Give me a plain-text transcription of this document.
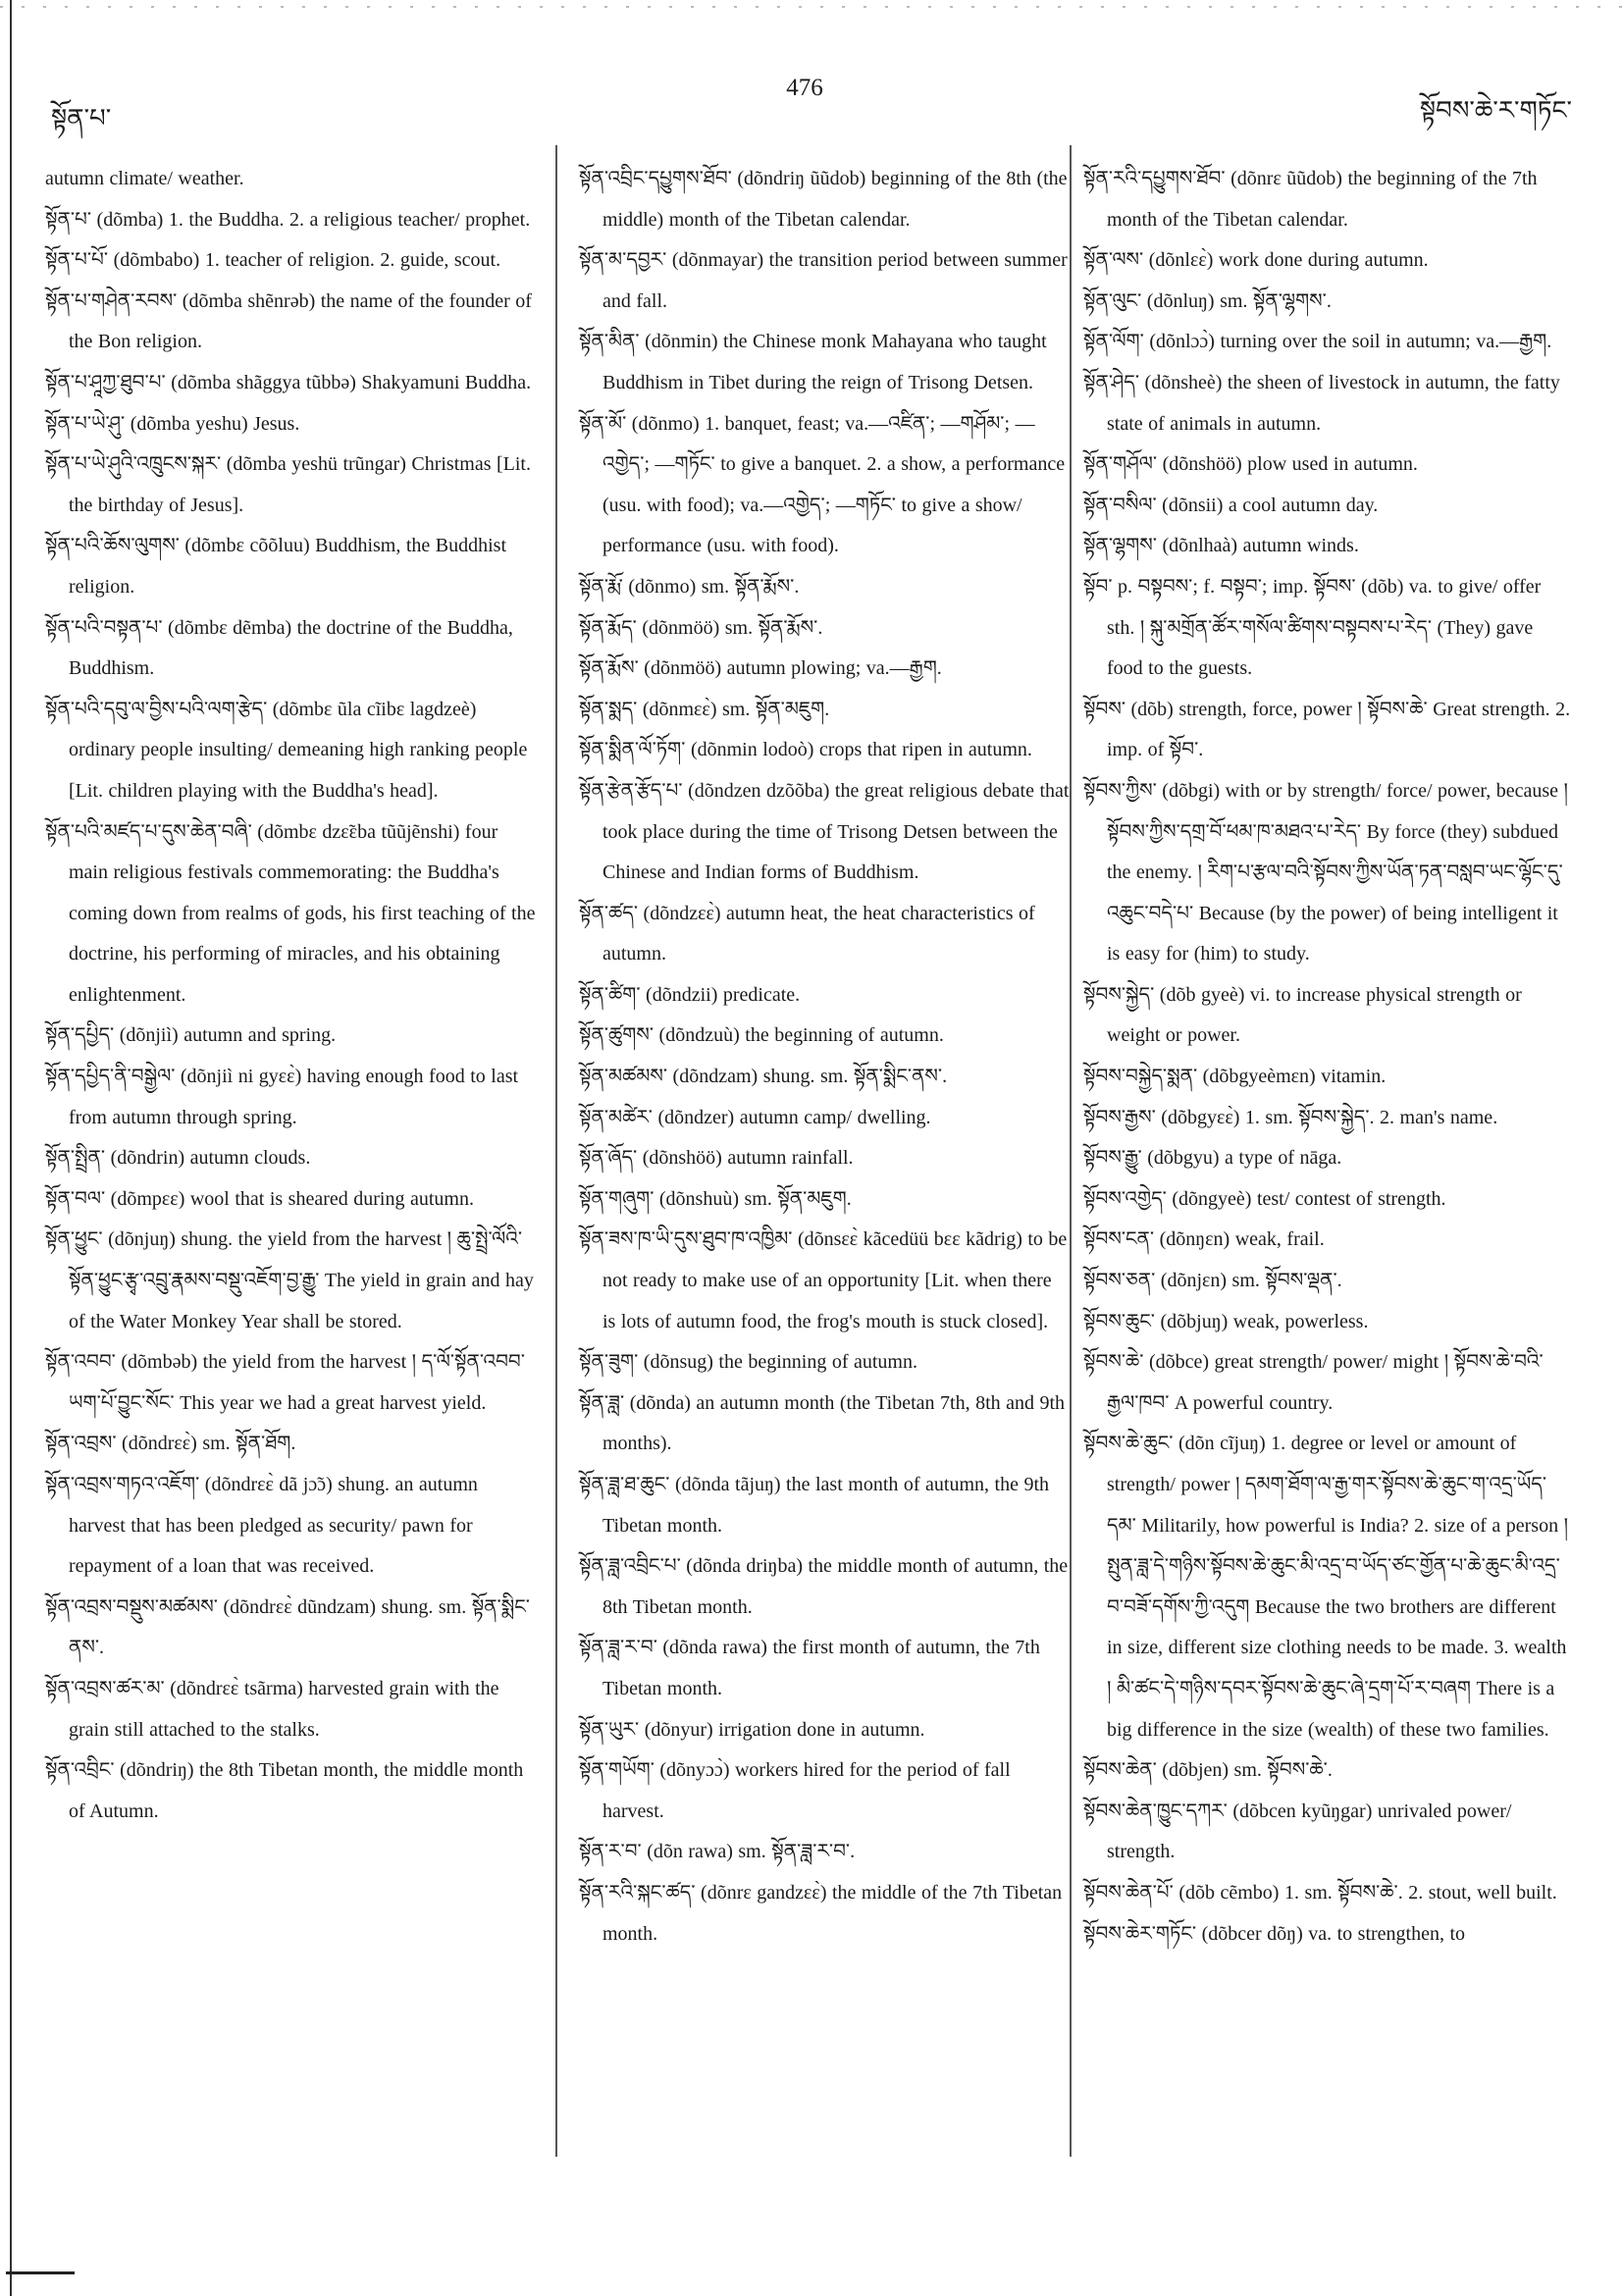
སྟོན་པ་
476
སྟོབས་ཆེ་ར་གཏོང་

autumn climate/ weather.

སྟོན་པ་ (dõmba) 1. the Buddha. 2. a religious teacher/ prophet.

སྟོན་པ་པོ་ (dõmbabo) 1. teacher of religion. 2. guide, scout.

སྟོན་པ་གཤེན་རབས་ (dõmba shẽnrəb) the name of the founder of the Bon religion.

སྟོན་པ་ཤཱཀྱ་ཐུབ་པ་ (dõmba shãggya tũbbə) Shakyamuni Buddha.

སྟོན་པ་ཡེ་ཤུ་ (dõmba yeshu) Jesus.

སྟོན་པ་ཡེ་ཤུའི་འཁྲུངས་སྐར་ (dõmba yeshü trũngar) Christmas [Lit. the birthday of Jesus].

སྟོན་པའི་ཆོས་ལུགས་ (dõmbɛ cõõluu) Buddhism, the Buddhist religion.

སྟོན་པའི་བསྟན་པ་ (dõmbɛ dẽmba) the doctrine of the Buddha, Buddhism.

སྟོན་པའི་དབུ་ལ་བྱིས་པའི་ལག་རྩེད་ (dõmbɛ ũla cĩibɛ lagdzeè) ordinary people insulting/ demeaning high ranking people [Lit. children playing with the Buddha's head].

སྟོན་པའི་མཛད་པ་དུས་ཆེན་བཞི་ (dõmbɛ dzɛ̃ɛba tũũjẽnshi) four main religious festivals commemorating: the Buddha's coming down from realms of gods, his first teaching of the doctrine, his performing of miracles, and his obtaining enlightenment.

སྟོན་དཔྱིད་ (dõnjiì) autumn and spring.

སྟོན་དཔྱིད་ནི་བསྒྱེལ་ (dõnjiì ni gyɛɛ̀) having enough food to last from autumn through spring.

སྟོན་སྤྲིན་ (dõndrin) autumn clouds.

སྟོན་བལ་ (dõmpɛɛ) wool that is sheared during autumn.

སྟོན་ཕྱུང་ (dõnjuŋ) shung. the yield from the harvest ། ཆུ་སྤྲེ་ལོའི་སྟོན་ཕྱུང་རྩྭ་འབྲུ་རྣམས་བསྡུ་འཇོག་བྱ་རྒྱུ་ The yield in grain and hay of the Water Monkey Year shall be stored.

སྟོན་འབབ་ (dõmbəb) the yield from the harvest ། ད་ལོ་སྟོན་འབབ་ཡག་པོ་བྱུང་སོང་ This year we had a great harvest yield.

སྟོན་འབྲས་ (dõndrɛɛ̀) sm. སྟོན་ཐོག.

སྟོན་འབྲས་གཏའ་འཇོག་ (dõndrɛɛ̀ dã jɔ̃ɔ) shung. an autumn harvest that has been pledged as security/ pawn for repayment of a loan that was received.

སྟོན་འབྲས་བསྡུས་མཚམས་ (dõndrɛɛ̀ dũndzam) shung. sm. སྟོན་སྨིང་ནས་.

སྟོན་འབྲས་ཚར་མ་ (dõndrɛɛ̀ tsãrma) harvested grain with the grain still attached to the stalks.

སྟོན་འབྲིང་ (dõndriŋ) the 8th Tibetan month, the middle month of Autumn.

སྟོན་འབྲིང་དཔྱུགས་ཐོབ་ (dõndriŋ ũũdob) beginning of the 8th (the middle) month of the Tibetan calendar.

སྟོན་མ་དབྱར་ (dõnmayar) the transition period between summer and fall.

སྟོན་མིན་ (dõnmin) the Chinese monk Mahayana who taught Buddhism in Tibet during the reign of Trisong Detsen.

སྟོན་མོ་ (dõnmo) 1. banquet, feast; va.—འཛིན་; —གཤོམ་; —འགྱེད་; —གཏོང་ to give a banquet. 2. a show, a performance (usu. with food); va.—འགྱེད་; —གཏོང་ to give a show/ performance (usu. with food).

སྟོན་རྨོ་ (dõnmo) sm. སྟོན་རྨོས་.

སྟོན་རྨོད་ (dõnmöö) sm. སྟོན་རྨོས་.

སྟོན་རྨོས་ (dõnmöö) autumn plowing; va.—རྒྱག.

སྟོན་སྨད་ (dõnmɛɛ̀) sm. སྟོན་མཇུག.

སྟོན་སྨིན་ལོ་ཏོག་ (dõnmin lodoò) crops that ripen in autumn.

སྟོན་རྩེན་རྩོད་པ་ (dõndzen dzõõba) the great religious debate that took place during the time of Trisong Detsen between the Chinese and Indian forms of Buddhism.

སྟོན་ཚད་ (dõndzɛɛ̀) autumn heat, the heat characteristics of autumn.

སྟོན་ཚིག་ (dõndzii) predicate.

སྟོན་ཚུགས་ (dõndzuù) the beginning of autumn.

སྟོན་མཚམས་ (dõndzam) shung. sm. སྟོན་སྨིང་ནས་.

སྟོན་མཚེར་ (dõndzer) autumn camp/ dwelling.

སྟོན་ཞོད་ (dõnshöö) autumn rainfall.

སྟོན་གཞུག་ (dõnshuù) sm. སྟོན་མཇུག.

སྟོན་ཟས་ཁ་ཡི་དུས་ཐུབ་ཁ་འཁྱིམ་ (dõnsɛɛ̀ kãcedüü bɛɛ kãdrig) to be not ready to make use of an opportunity [Lit. when there is lots of autumn food, the frog's mouth is stuck closed].

སྟོན་ཟུག་ (dõnsug) the beginning of autumn.

སྟོན་ཟླ་ (dõnda) an autumn month (the Tibetan 7th, 8th and 9th months).

སྟོན་ཟླ་ཐ་ཆུང་ (dõnda tãjuŋ) the last month of autumn, the 9th Tibetan month.

སྟོན་ཟླ་འབྲིང་པ་ (dõnda driŋba) the middle month of autumn, the 8th Tibetan month.

སྟོན་ཟླ་ར་བ་ (dõnda rawa) the first month of autumn, the 7th Tibetan month.

སྟོན་ཡུར་ (dõnyur) irrigation done in autumn.

སྟོན་གཡོག་ (dõnyɔɔ̀) workers hired for the period of fall harvest.

སྟོན་ར་བ་ (dõn rawa) sm. སྟོན་ཟླ་ར་བ་.

སྟོན་རའི་སྐང་ཚད་ (dõnrɛ gandzɛɛ̀) the middle of the 7th Tibetan month.

སྟོན་རའི་དཔྱུགས་ཐོབ་ (dõnrɛ ũũdob) the beginning of the 7th month of the Tibetan calendar.

སྟོན་ལས་ (dõnlɛɛ̀) work done during autumn.

སྟོན་ལུང་ (dõnluŋ) sm. སྟོན་ལྷགས་.

སྟོན་ལོག་ (dõnlɔɔ̀) turning over the soil in autumn; va.—རྒྱག.

སྟོན་ཤེད་ (dõnsheè) the sheen of livestock in autumn, the fatty state of animals in autumn.

སྟོན་གཤོལ་ (dõnshöö) plow used in autumn.

སྟོན་བསིལ་ (dõnsii) a cool autumn day.

སྟོན་ལྷགས་ (dõnlhaà) autumn winds.

སྟོབ་ p. བསྟབས་; f. བསྟབ་; imp. སྟོབས་ (dõb) va. to give/ offer sth. ། སྐུ་མགྲོན་ཚོར་གསོལ་ཚིགས་བསྟབས་པ་རེད་ (They) gave food to the guests.

སྟོབས་ (dõb) strength, force, power ། སྟོབས་ཆེ་ Great strength. 2. imp. of སྟོབ་.

སྟོབས་ཀྱིས་ (dõbgi) with or by strength/ force/ power, because ། སྟོབས་ཀྱིས་དགྲ་བོ་ཕམ་ཁ་མཐའ་པ་རེད་ By force (they) subdued the enemy. ། རིག་པ་རྩལ་བའི་སྟོབས་ཀྱིས་ཡོན་ཏན་བསླབ་ཡང་ལྷོང་དུ་འཆུང་བདེ་པ་ Because (by the power) of being intelligent it is easy for (him) to study.

སྟོབས་སྐྱེད་ (dõb gyeè) vi. to increase physical strength or weight or power.

སྟོབས་བསྐྱེད་སྨན་ (dõbgyeèmɛn) vitamin.

སྟོབས་རྒྱས་ (dõbgyɛɛ̀) 1. sm. སྟོབས་སྐྱེད་. 2. man's name.

སྟོབས་རྒྱུ་ (dõbgyu) a type of nāga.

སྟོབས་འགྱེད་ (dõngyeè) test/ contest of strength.

སྟོབས་ངན་ (dõnŋɛn) weak, frail.

སྟོབས་ཅན་ (dõnjɛn) sm. སྟོབས་ལྡན་.

སྟོབས་ཆུང་ (dõbjuŋ) weak, powerless.

སྟོབས་ཆེ་ (dõbce) great strength/ power/ might ། སྟོབས་ཆེ་བའི་རྒྱལ་ཁབ་ A powerful country.

སྟོབས་ཆེ་ཆུང་ (dõn cĩjuŋ) 1. degree or level or amount of strength/ power ། དམག་ཐོག་ལ་རྒྱ་གར་སྟོབས་ཆེ་ཆུང་ག་འདྲ་ཡོད་དམ་ Militarily, how powerful is India? 2. size of a person ། སྤུན་ཟླ་དེ་གཉིས་སྟོབས་ཆེ་ཆུང་མི་འདྲ་བ་ཡོད་ཙང་གྱོན་པ་ཆེ་ཆུང་མི་འདྲ་བ་བཟོ་དགོས་ཀྱི་འདུག Because the two brothers are different in size, different size clothing needs to be made. 3. wealth ། མི་ཚང་དེ་གཉིས་དབར་སྟོབས་ཆེ་ཆུང་ཞེ་དྲག་པོ་ར་བཞག There is a big difference in the size (wealth) of these two families.

སྟོབས་ཆེན་ (dõbjen) sm. སྟོབས་ཆེ་.

སྟོབས་ཆེན་ཁྱུང་དཀར་ (dõbcen kyũŋgar) unrivaled power/ strength.

སྟོབས་ཆེན་པོ་ (dõb cẽmbo) 1. sm. སྟོབས་ཆེ་. 2. stout, well built.

སྟོབས་ཆེར་གཏོང་ (dõbcer dõŋ) va. to strengthen, to
